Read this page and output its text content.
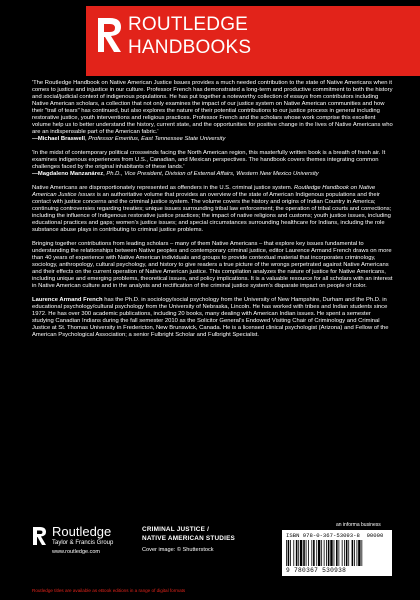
ROUTLEDGE
HANDBOOKS

'The Routledge Handbook on Native American Justice Issues provides a much needed contribution to the state of Native Americans when it comes to justice and injustice in our culture. Professor French has demonstrated a long-term and productive commitment to both the history and social/judicial context of indigenous populations. He has put together a noteworthy collection of essays from contributors including Native American scholars, a collection that not only examines the impact of our justice system on Native American communities and how their "trail of tears" has continued, but also explores the nature of their potential contributions to our justice process in general including restorative justice, youth interventions and religious practices. Professor French and the scholars whose work comprise this excellent volume help us to better understand the history, current state, and the opportunities for positive change in the lives of Native Americans who are an indispensable part of the American fabric.'

—Michael Braswell, Professor Emeritus, East Tennessee State University

'In the midst of contemporary political crosswinds facing the North American region, this masterfully written book is a breath of fresh air. It examines indigenous experiences from U.S., Canadian, and Mexican perspectives. The handbook covers themes integrating common challenges faced by the original inhabitants of these lands.'

—Magdaleno Manzanárez, Ph.D., Vice President, Division of External Affairs, Western New Mexico University

Native Americans are disproportionately represented as offenders in the U.S. criminal justice system. Routledge Handbook on Native American Justice Issues is an authoritative volume that provides an overview of the state of American Indigenous populations and their contact with justice concerns and the criminal justice system. The volume covers the history and origins of Indian Country in America; continuing controversies regarding treaties; unique issues surrounding tribal law enforcement; the operation of tribal courts and corrections; including the influence of Indigenous restorative justice practices; the impact of native religions and customs; youth justice issues, including educational practices and gaps; women's justice issues; and special circumstances surrounding healthcare for Indians, including the role substance abuse plays in contributing to criminal justice problems.

Bringing together contributions from leading scholars – many of them Native Americans – that explore key issues fundamental to understanding the relationships between Native peoples and contemporary criminal justice, editor Laurence Armand French draws on more than 40 years of experience with Native American individuals and groups to provide contextual material that incorporates criminology, sociology, anthropology, cultural psychology, and history to give readers a true picture of the wrongs perpetrated against Native Americans and their effects on the current operation of Native American justice. This compilation analyzes the nature of justice for Native Americans, including unique and emerging problems, theoretical issues, and policy implications. It is a valuable resource for all scholars with an interest in Native American culture and in the analysis and rectification of the criminal justice system's disparate impact on people of color.

Laurence Armand French has the Ph.D. in sociology/social psychology from the University of New Hampshire, Durham and the Ph.D. in educational psychology/cultural psychology from the University of Nebraska, Lincoln. He has worked with tribes and Indian students since 1972. He has over 300 academic publications, including 20 books, many dealing with American Indian issues. He spent a semester studying Canadian Indians during the fall semester 2010 as the Solicitor General's Endowed Visiting Chair of Criminology and Criminal Justice at St. Thomas University in Fredericton, New Brunswick, Canada. He is a licensed clinical psychologist (Arizona) and Fellow of the American Psychological Association; a senior Fulbright Scholar and Fulbright Specialist.

Routledge
Taylor & Francis Group
www.routledge.com
CRIMINAL JUSTICE /
NATIVE AMERICAN STUDIES
Cover image: © Shutterstock
an informa business
ISBN 978-0-367-53093-8 90000
9 780367 530938
Routledge titles are available as eBook editions in a range of digital formats
